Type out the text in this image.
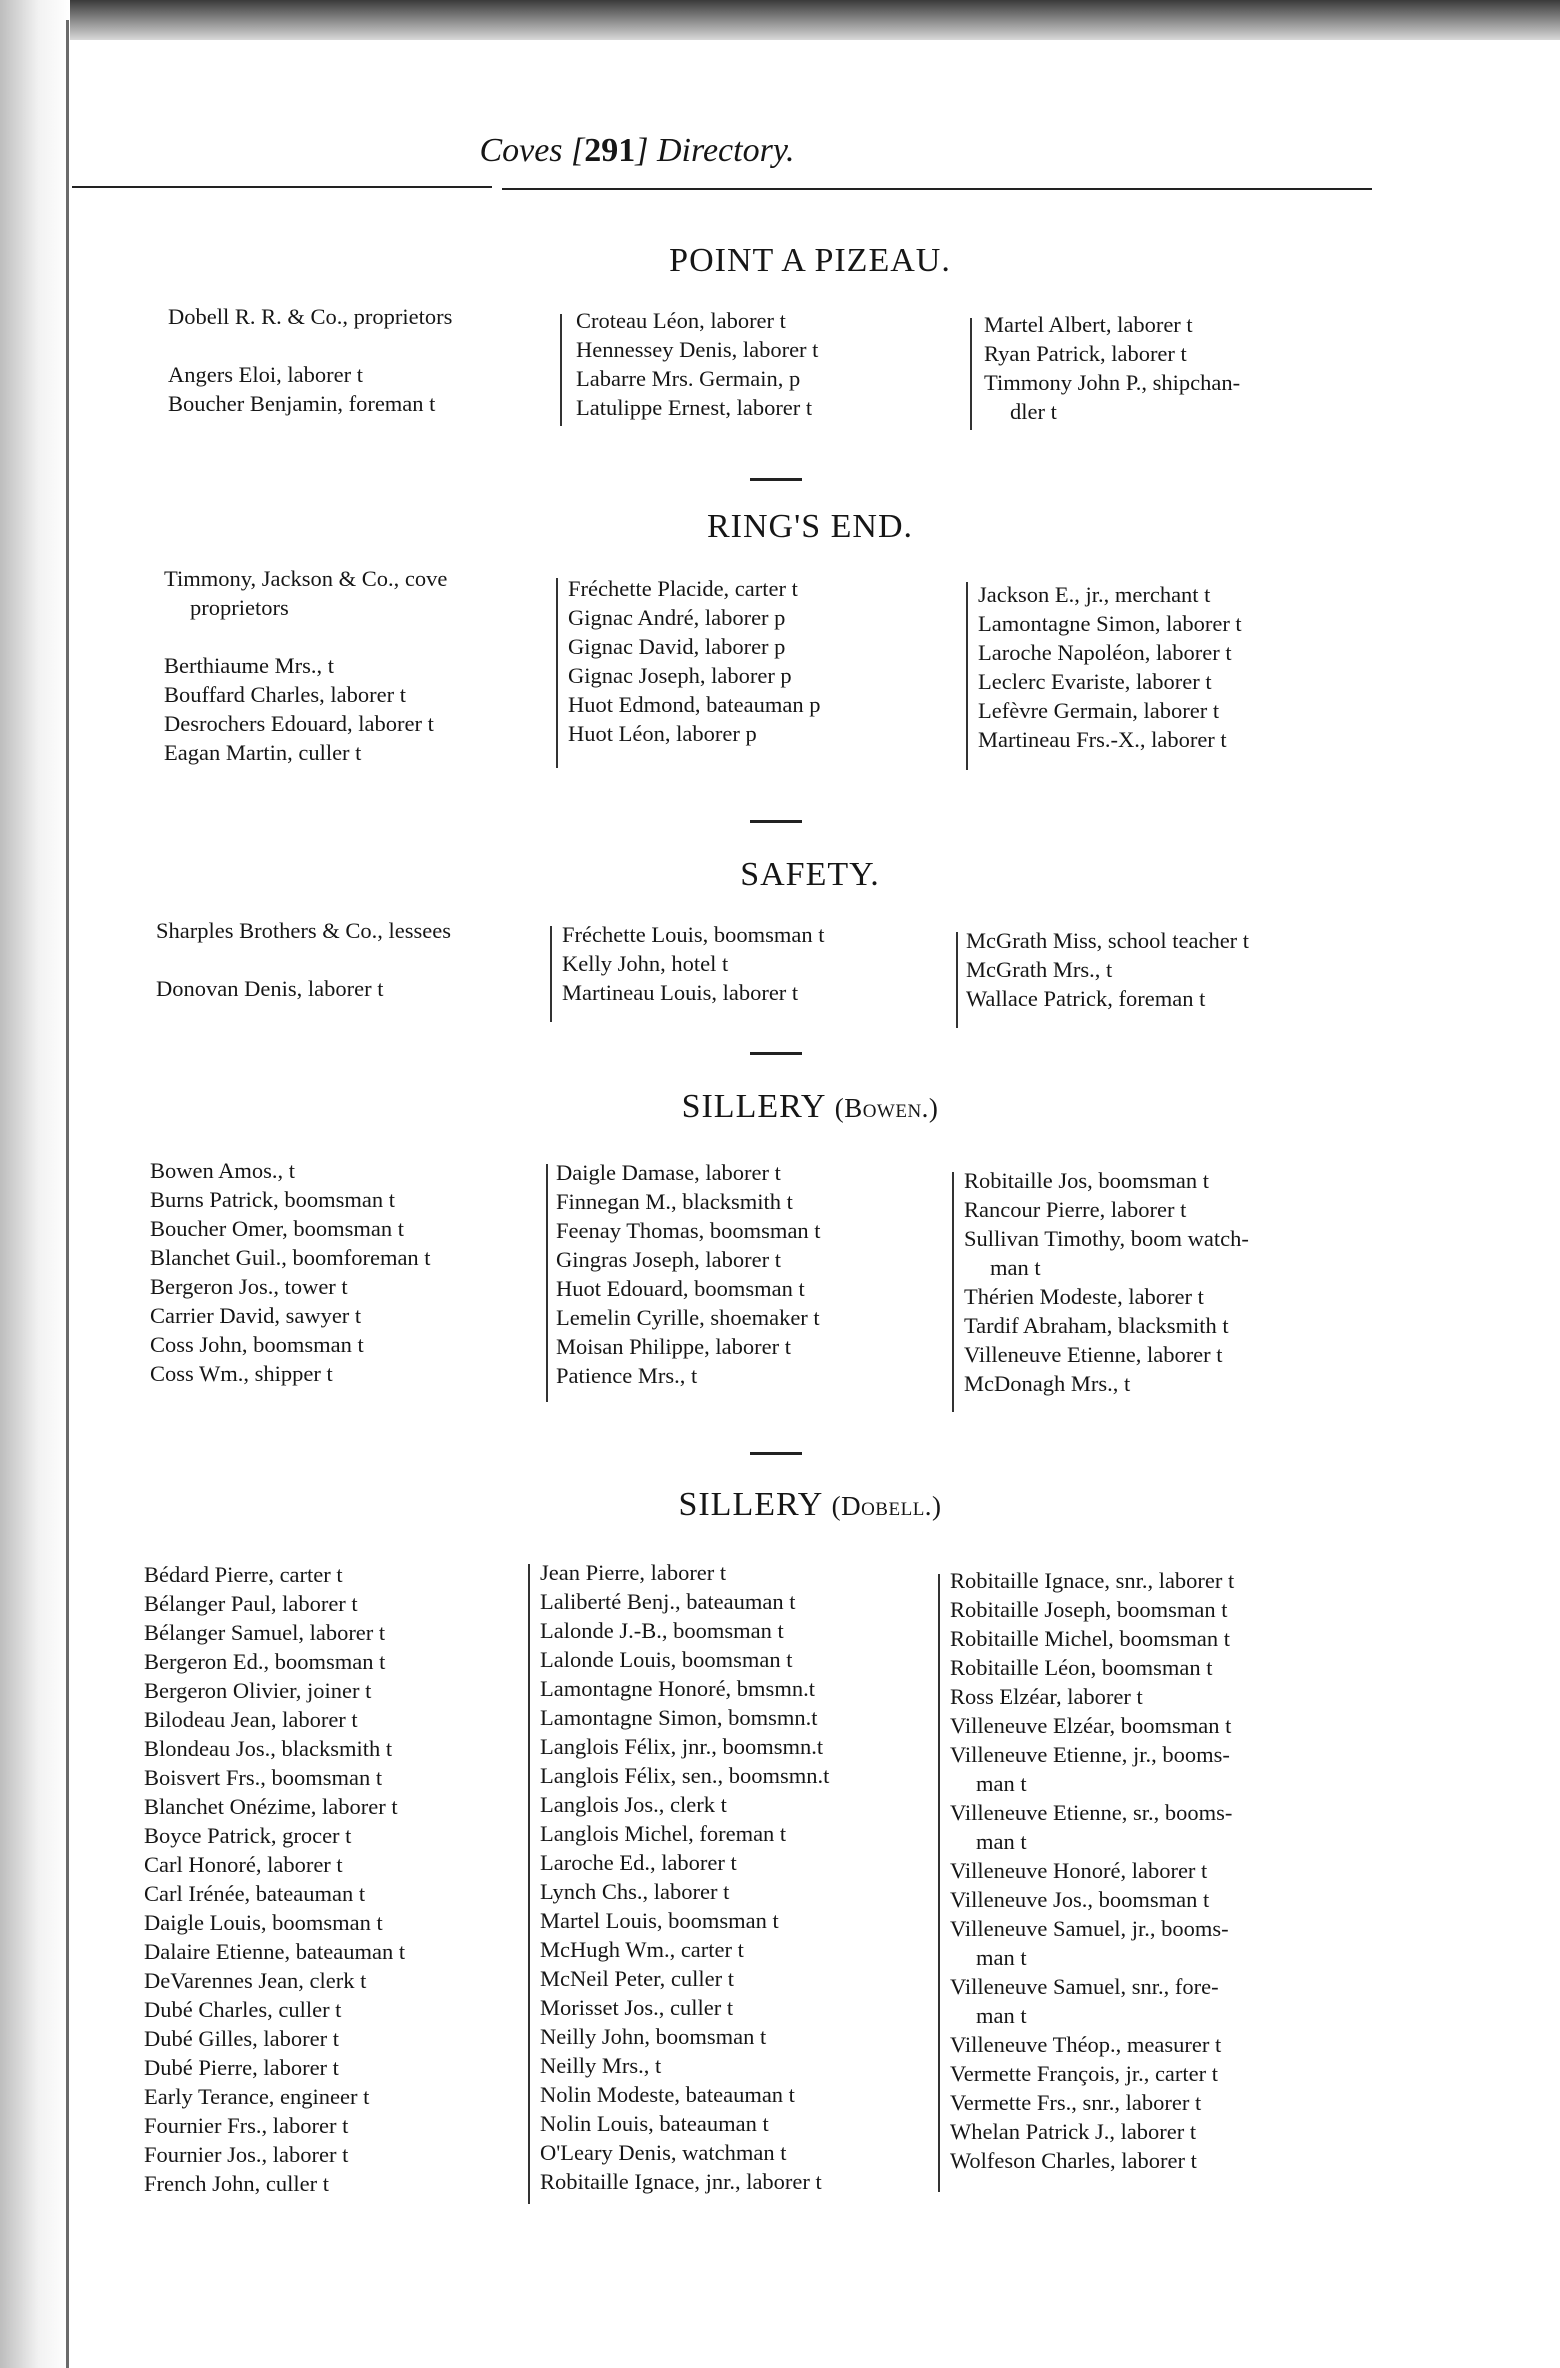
Coves [291] Directory.
POINT A PIZEAU.
Dobell R. R. & Co., proprietors
Angers Eloi, laborer t
Boucher Benjamin, foreman t
Croteau Léon, laborer t
Hennessey Denis, laborer t
Labarre Mrs. Germain, p
Latulippe Ernest, laborer t
Martel Albert, laborer t
Ryan Patrick, laborer t
Timmony John P., shipchan-
dler t
RING'S END.
Timmony, Jackson & Co., cove
proprietors
Berthiaume Mrs., t
Bouffard Charles, laborer t
Desrochers Edouard, laborer t
Eagan Martin, culler t
Fréchette Placide, carter t
Gignac André, laborer p
Gignac David, laborer p
Gignac Joseph, laborer p
Huot Edmond, bateauman p
Huot Léon, laborer p
Jackson E., jr., merchant t
Lamontagne Simon, laborer t
Laroche Napoléon, laborer t
Leclerc Evariste, laborer t
Lefèvre Germain, laborer t
Martineau Frs.-X., laborer t
SAFETY.
Sharples Brothers & Co., lessees
Donovan Denis, laborer t
Fréchette Louis, boomsman t
Kelly John, hotel t
Martineau Louis, laborer t
McGrath Miss, school teacher t
McGrath Mrs., t
Wallace Patrick, foreman t
SILLERY (Bowen.)
Bowen Amos., t
Burns Patrick, boomsman t
Boucher Omer, boomsman t
Blanchet Guil., boomforeman t
Bergeron Jos., tower t
Carrier David, sawyer t
Coss John, boomsman t
Coss Wm., shipper t
Daigle Damase, laborer t
Finnegan M., blacksmith t
Feenay Thomas, boomsman t
Gingras Joseph, laborer t
Huot Edouard, boomsman t
Lemelin Cyrille, shoemaker t
Moisan Philippe, laborer t
Patience Mrs., t
Robitaille Jos, boomsman t
Rancour Pierre, laborer t
Sullivan Timothy, boom watch-
man t
Thérien Modeste, laborer t
Tardif Abraham, blacksmith t
Villeneuve Etienne, laborer t
McDonagh Mrs., t
SILLERY (Dobell.)
Bédard Pierre, carter t
Bélanger Paul, laborer t
Bélanger Samuel, laborer t
Bergeron Ed., boomsman t
Bergeron Olivier, joiner t
Bilodeau Jean, laborer t
Blondeau Jos., blacksmith t
Boisvert Frs., boomsman t
Blanchet Onézime, laborer t
Boyce Patrick, grocer t
Carl Honoré, laborer t
Carl Irénée, bateauman t
Daigle Louis, boomsman t
Dalaire Etienne, bateauman t
DeVarennes Jean, clerk t
Dubé Charles, culler t
Dubé Gilles, laborer t
Dubé Pierre, laborer t
Early Terance, engineer t
Fournier Frs., laborer t
Fournier Jos., laborer t
French John, culler t
Jean Pierre, laborer t
Laliberté Benj., bateauman t
Lalonde J.-B., boomsman t
Lalonde Louis, boomsman t
Lamontagne Honoré, bmsmn.t
Lamontagne Simon, bomsmn.t
Langlois Félix, jnr., boomsmn.t
Langlois Félix, sen., boomsmn.t
Langlois Jos., clerk t
Langlois Michel, foreman t
Laroche Ed., laborer t
Lynch Chs., laborer t
Martel Louis, boomsman t
McHugh Wm., carter t
McNeil Peter, culler t
Morisset Jos., culler t
Neilly John, boomsman t
Neilly Mrs., t
Nolin Modeste, bateauman t
Nolin Louis, bateauman t
O'Leary Denis, watchman t
Robitaille Ignace, jnr., laborer t
Robitaille Ignace, snr., laborer t
Robitaille Joseph, boomsman t
Robitaille Michel, boomsman t
Robitaille Léon, boomsman t
Ross Elzéar, laborer t
Villeneuve Elzéar, boomsman t
Villeneuve Etienne, jr., booms-
man t
Villeneuve Etienne, sr., booms-
man t
Villeneuve Honoré, laborer t
Villeneuve Jos., boomsman t
Villeneuve Samuel, jr., booms-
man t
Villeneuve Samuel, snr., fore-
man t
Villeneuve Théop., measurer t
Vermette François, jr., carter t
Vermette Frs., snr., laborer t
Whelan Patrick J., laborer t
Wolfeson Charles, laborer t
